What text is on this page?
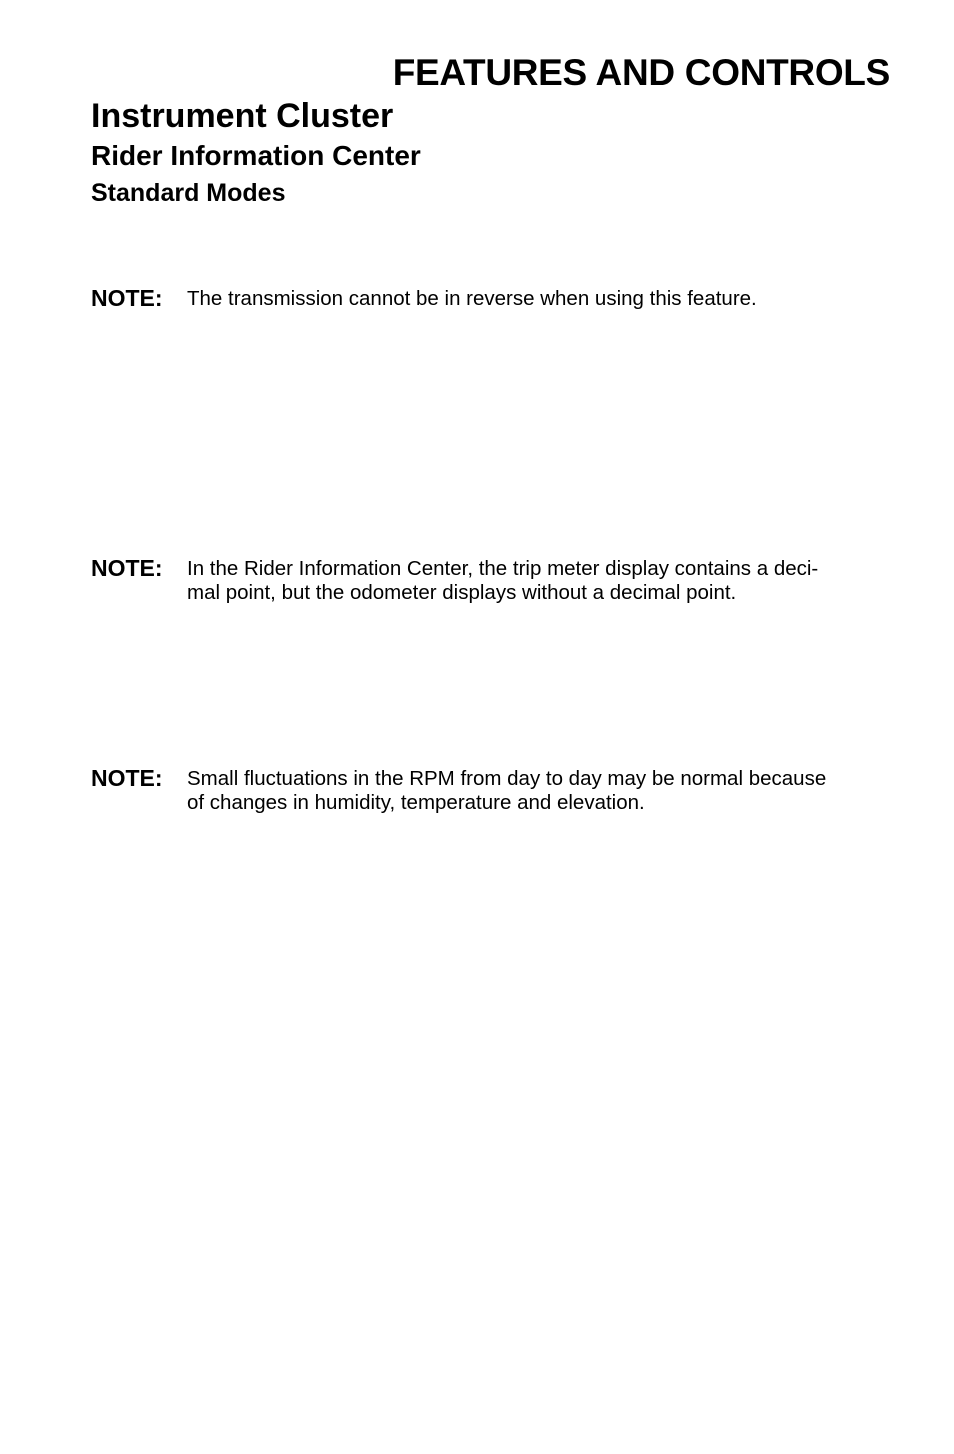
FEATURES AND CONTROLS
Instrument Cluster
Rider Information Center
Standard Modes
NOTE:	The transmission cannot be in reverse when using this feature.
NOTE:	In the Rider Information Center, the trip meter display contains a deci-
mal point, but the odometer displays without a decimal point.
NOTE:	Small fluctuations in the RPM from day to day may be normal because
of changes in humidity, temperature and elevation.
